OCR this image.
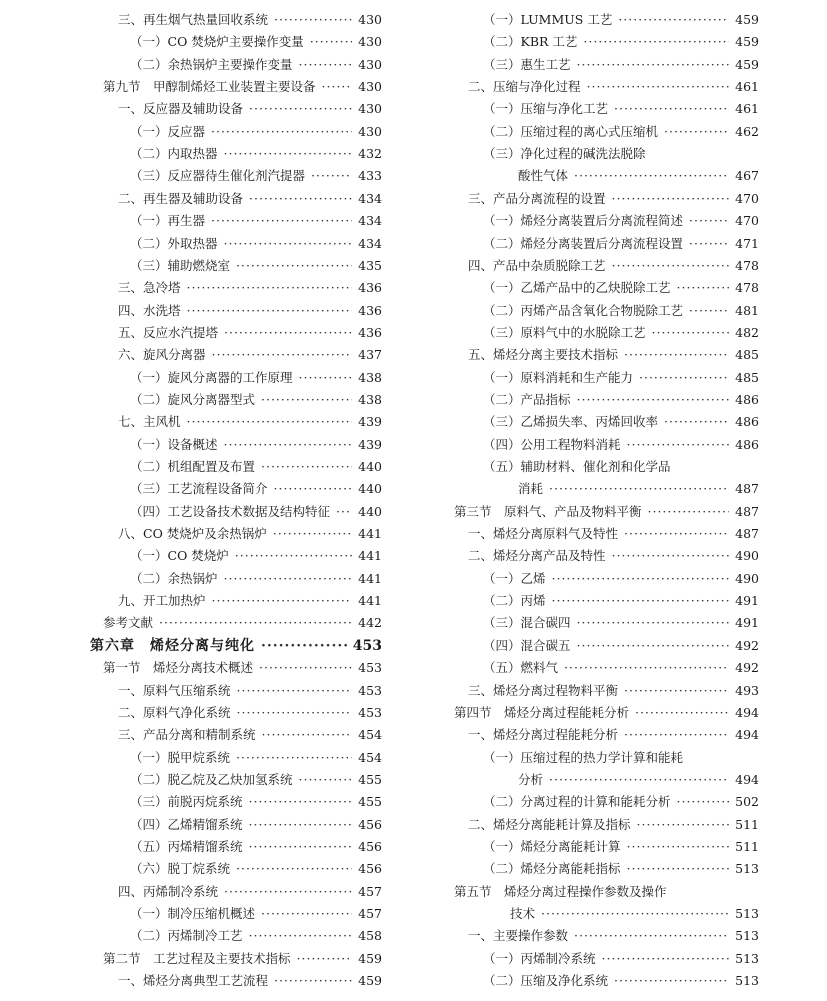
三、再生烟气热量回收系统 ·····	430
（一）CO 焚烧炉主要操作变量 ·····	430
（二）余热锅炉主要操作变量 ·····	430
第九节　甲醇制烯烃工业装置主要设备 ·····	430
一、反应器及辅助设备 ·····	430
（一）反应器 ·····	430
（二）内取热器 ·····	432
（三）反应器待生催化剂汽提器 ·····	433
二、再生器及辅助设备 ·····	434
（一）再生器 ·····	434
（二）外取热器 ·····	434
（三）辅助燃烧室 ·····	435
三、急冷塔 ·····	436
四、水洗塔 ·····	436
五、反应水汽提塔 ·····	436
六、旋风分离器 ·····	437
（一）旋风分离器的工作原理 ·····	438
（二）旋风分离器型式 ·····	438
七、主风机 ·····	439
（一）设备概述 ·····	439
（二）机组配置及布置 ·····	440
（三）工艺流程设备简介 ·····	440
（四）工艺设备技术数据及结构特征 ····· 440
八、CO 焚烧炉及余热锅炉 ·····	441
（一）CO 焚烧炉 ·····	441
（二）余热锅炉 ·····	441
九、开工加热炉 ·····	441
参考文献 ·····	442
第六章　烯烃分离与纯化 ·····	453
第一节　烯烃分离技术概述 ·····	453
一、原料气压缩系统 ·····	453
二、原料气净化系统 ·····	453
三、产品分离和精制系统 ·····	454
（一）脱甲烷系统 ·····	454
（二）脱乙烷及乙炔加氢系统 ·····	455
（三）前脱丙烷系统 ·····	455
（四）乙烯精馏系统 ·····	456
（五）丙烯精馏系统 ·····	456
（六）脱丁烷系统 ·····	456
四、丙烯制冷系统 ·····	457
（一）制冷压缩机概述 ·····	457
（二）丙烯制冷工艺 ·····	458
第二节　工艺过程及主要技术指标 ·····	459
一、烯烃分离典型工艺流程 ·····	459
（一）LUMMUS 工艺 ·····	459
（二）KBR 工艺 ·····	459
（三）惠生工艺 ·····	459
二、压缩与净化过程 ·····	461
（一）压缩与净化工艺 ·····	461
（二）压缩过程的离心式压缩机 ·····	462
（三）净化过程的碱洗法脱除
酸性气体 ·····	467
三、产品分离流程的设置 ·····	470
（一）烯烃分离装置后分离流程简述 ·····	470
（二）烯烃分离装置后分离流程设置 ·····	471
四、产品中杂质脱除工艺 ·····	478
（一）乙烯产品中的乙炔脱除工艺 ·····	478
（二）丙烯产品含氧化合物脱除工艺 ·····	481
（三）原料气中的水脱除工艺 ·····	482
五、烯烃分离主要技术指标 ·····	485
（一）原料消耗和生产能力 ·····	485
（二）产品指标 ·····	486
（三）乙烯损失率、丙烯回收率 ·····	486
（四）公用工程物料消耗 ·····	486
（五）辅助材料、催化剂和化学品
消耗 ·····	487
第三节　原料气、产品及物料平衡 ·····	487
一、烯烃分离原料气及特性 ·····	487
二、烯烃分离产品及特性 ·····	490
（一）乙烯 ·····	490
（二）丙烯 ·····	491
（三）混合碳四 ·····	491
（四）混合碳五 ·····	492
（五）燃料气 ·····	492
三、烯烃分离过程物料平衡 ·····	493
第四节　烯烃分离过程能耗分析 ·····	494
一、烯烃分离过程能耗分析 ·····	494
（一）压缩过程的热力学计算和能耗
分析 ·····	494
（二）分离过程的计算和能耗分析 ·····	502
二、烯烃分离能耗计算及指标 ·····	511
（一）烯烃分离能耗计算 ·····	511
（二）烯烃分离能耗指标 ·····	513
第五节　烯烃分离过程操作参数及操作
技术 ·····	513
一、主要操作参数 ·····	513
（一）丙烯制冷系统 ·····	513
（二）压缩及净化系统 ·····	513
